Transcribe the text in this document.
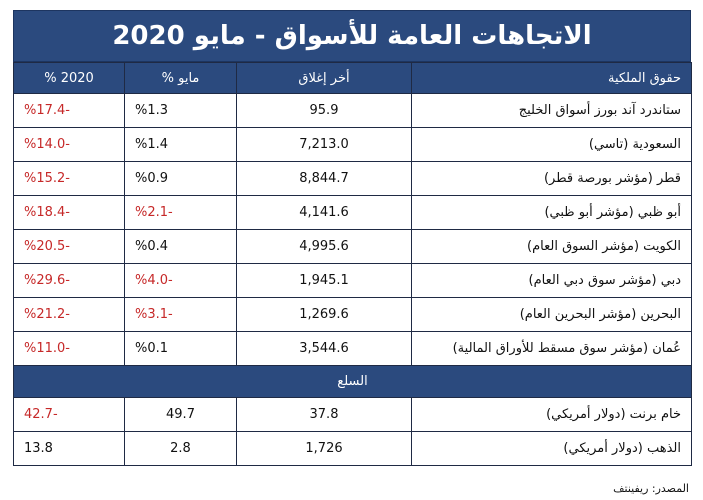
الاتجاهات العامة للأسواق - مايو 2020
حقوق الملكية	أخر إغلاق	مايو %	2020 %
ستاندرد آند بورز أسواق الخليج	95.9	%1.3	%17.4-
السعودية (تاسي)	7,213.0	%1.4	%14.0-
قطر (مؤشر بورصة قطر)	8,844.7	%0.9	%15.2-
أبو ظبي (مؤشر أبو ظبي)	4,141.6	%2.1-	%18.4-
الكويت (مؤشر السوق العام)	4,995.6	%0.4	%20.5-
دبي (مؤشر سوق دبي العام)	1,945.1	%4.0-	%29.6-
البحرين (مؤشر البحرين العام)	1,269.6	%3.1-	%21.2-
عُمان (مؤشر سوق مسقط للأوراق المالية)	3,544.6	%0.1	%11.0-
السلع			
خام برنت (دولار أمريكي)	37.8	49.7	42.7-
الذهب (دولار أمريكي)	1,726	2.8	13.8
المصدر: ريفينتف
